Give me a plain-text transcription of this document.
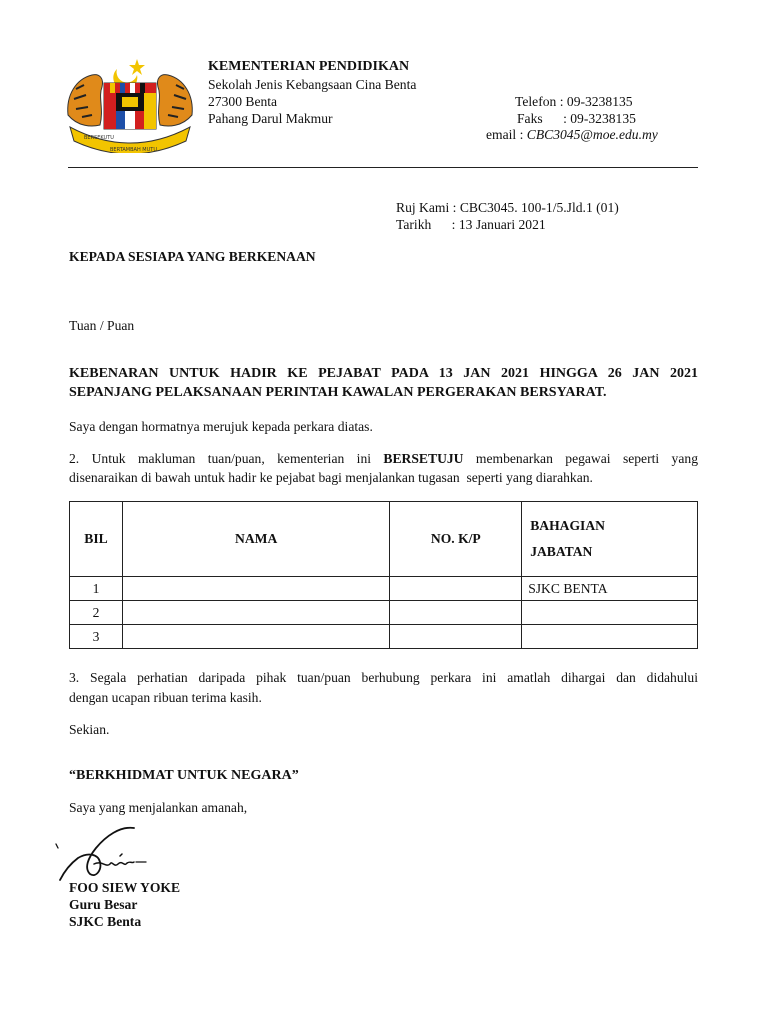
BERSEKUTU
BERTAMBAH MUTU
KEMENTERIAN PENDIDIKAN
Sekolah Jenis Kebangsaan Cina Benta
27300 Benta
Pahang Darul Makmur
Telefon : 09-3238135
Faks      : 09-3238135
email : CBC3045@moe.edu.my
Ruj Kami : CBC3045. 100-1/5.Jld.1 (01)
Tarikh      : 13 Januari 2021
KEPADA SESIAPA YANG BERKENAAN
Tuan / Puan
KEBENARAN UNTUK HADIR KE PEJABAT PADA 13 JAN 2021 HINGGA 26 JAN 2021
SEPANJANG PELAKSANAAN PERINTAH KAWALAN PERGERAKAN BERSYARAT.
Saya dengan hormatnya merujuk kepada perkara diatas.
2. Untuk makluman tuan/puan, kementerian ini BERSETUJU membenarkan pegawai seperti yang
disenaraikan di bawah untuk hadir ke pejabat bagi menjalankan tugasan  seperti yang diarahkan.
BIL	NAMA	NO. K/P	BAHAGIAN
JABATAN
1			SJKC BENTA
2			
3			
3. Segala perhatian daripada pihak tuan/puan berhubung perkara ini amatlah dihargai dan didahului
dengan ucapan ribuan terima kasih.
Sekian.
“BERKHIDMAT UNTUK NEGARA”
Saya yang menjalankan amanah,
FOO SIEW YOKE
Guru Besar
SJKC Benta
